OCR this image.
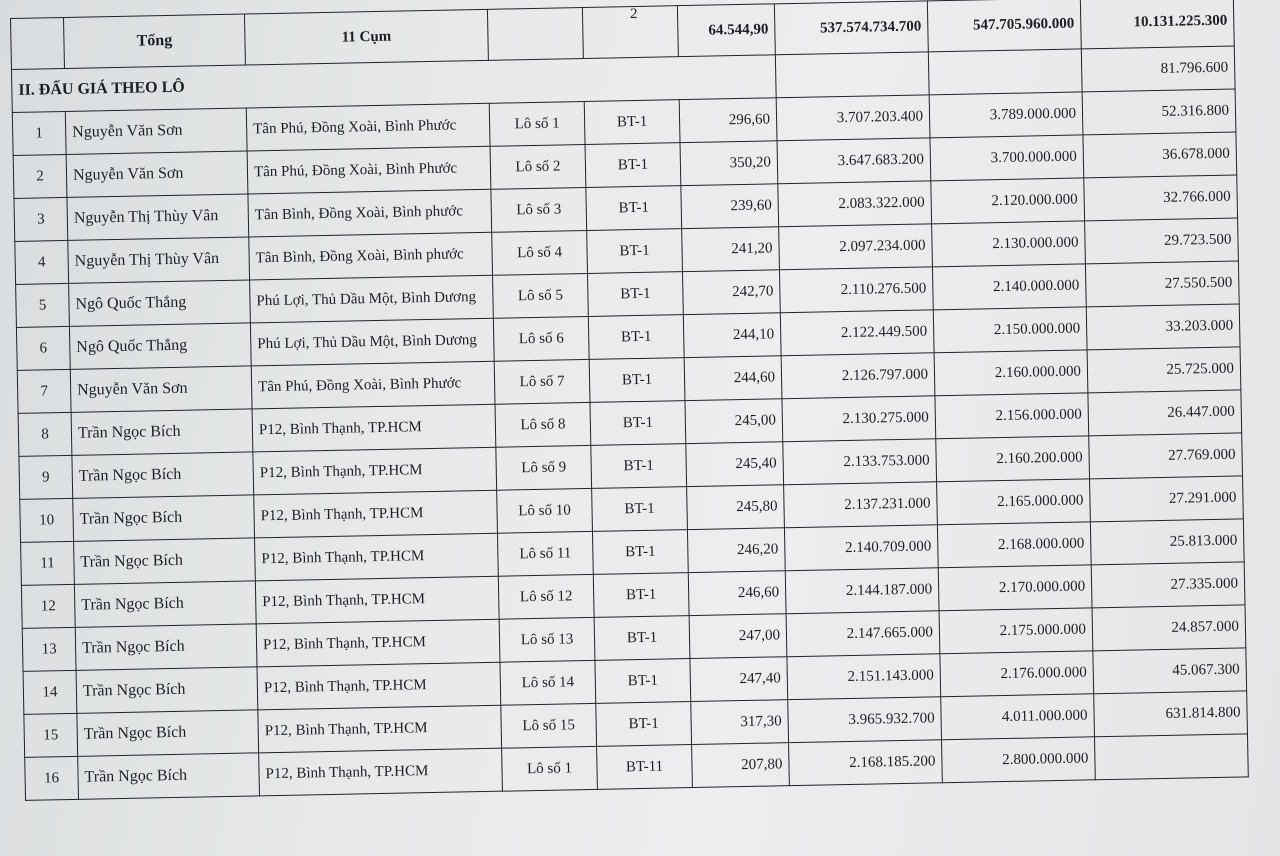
2
	Tổng	11 Cụm			64.544,90	537.574.734.700	547.705.960.000	10.131.225.300
II. ĐẤU GIÁ THEO LÔ								81.796.600
1	Nguyễn Văn Sơn	Tân Phú, Đồng Xoài, Bình Phước	Lô số 1	BT-1	296,60	3.707.203.400	3.789.000.000	52.316.800
2	Nguyễn Văn Sơn	Tân Phú, Đồng Xoài, Bình Phước	Lô số 2	BT-1	350,20	3.647.683.200	3.700.000.000	36.678.000
3	Nguyễn Thị Thùy Vân	Tân Bình, Đồng Xoài, Bình phước	Lô số 3	BT-1	239,60	2.083.322.000	2.120.000.000	32.766.000
4	Nguyễn Thị Thùy Vân	Tân Bình, Đồng Xoài, Bình phước	Lô số 4	BT-1	241,20	2.097.234.000	2.130.000.000	29.723.500
5	Ngô Quốc Thắng	Phú Lợi, Thủ Dầu Một, Bình Dương	Lô số 5	BT-1	242,70	2.110.276.500	2.140.000.000	27.550.500
6	Ngô Quốc Thắng	Phú Lợi, Thủ Dầu Một, Bình Dương	Lô số 6	BT-1	244,10	2.122.449.500	2.150.000.000	33.203.000
7	Nguyễn Văn Sơn	Tân Phú, Đồng Xoài, Bình Phước	Lô số 7	BT-1	244,60	2.126.797.000	2.160.000.000	25.725.000
8	Trần Ngọc Bích	P12, Bình Thạnh, TP.HCM	Lô số 8	BT-1	245,00	2.130.275.000	2.156.000.000	26.447.000
9	Trần Ngọc Bích	P12, Bình Thạnh, TP.HCM	Lô số 9	BT-1	245,40	2.133.753.000	2.160.200.000	27.769.000
10	Trần Ngọc Bích	P12, Bình Thạnh, TP.HCM	Lô số 10	BT-1	245,80	2.137.231.000	2.165.000.000	27.291.000
11	Trần Ngọc Bích	P12, Bình Thạnh, TP.HCM	Lô số 11	BT-1	246,20	2.140.709.000	2.168.000.000	25.813.000
12	Trần Ngọc Bích	P12, Bình Thạnh, TP.HCM	Lô số 12	BT-1	246,60	2.144.187.000	2.170.000.000	27.335.000
13	Trần Ngọc Bích	P12, Bình Thạnh, TP.HCM	Lô số 13	BT-1	247,00	2.147.665.000	2.175.000.000	24.857.000
14	Trần Ngọc Bích	P12, Bình Thạnh, TP.HCM	Lô số 14	BT-1	247,40	2.151.143.000	2.176.000.000	45.067.300
15	Trần Ngọc Bích	P12, Bình Thạnh, TP.HCM	Lô số 15	BT-1	317,30	3.965.932.700	4.011.000.000	631.814.800
16	Trần Ngọc Bích	P12, Bình Thạnh, TP.HCM	Lô số 1	BT-11	207,80	2.168.185.200	2.800.000.000	
